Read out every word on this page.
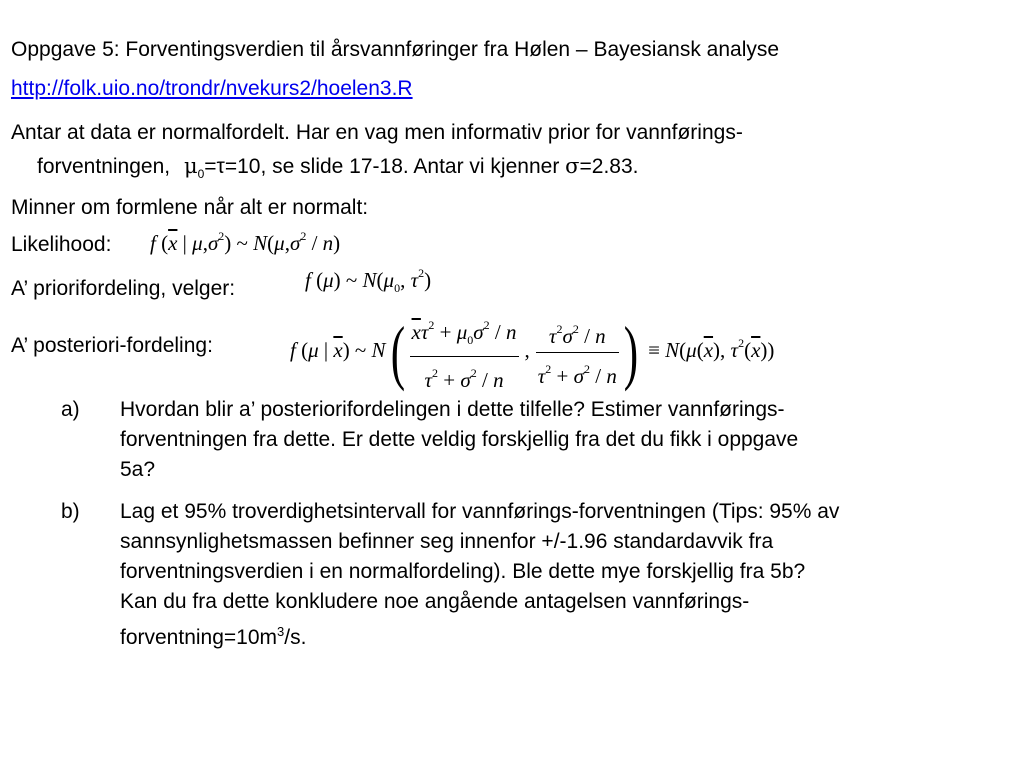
Oppgave 5: Forventingsverdien til årsvannføringer fra Hølen – Bayesiansk analyse
http://folk.uio.no/trondr/nvekurs2/hoelen3.R
Antar at data er normalfordelt. Har en vag men informativ prior for vannførings-
forventningen, $\mu_0=\tau=10$, se slide 17-18. Antar vi kjenner σ=2.83.
Minner om formlene når alt er normalt:
Likelihood: f ($\overline{x}$ | $\mu,\sigma^2$) ~ $N(\mu,\sigma^2 / n)$
A’ priorifordeling, velger:	f (μ) ~ $N(\mu_0$, $\tau^2$)
A’ posteriori-fordeling:	f (μ | $\overline{x}$) ~ $N( \frac{\overline{x}\tau^2 + \mu_0\sigma^2 / n}{\tau^2 + \sigma^2 / n}$ , $\frac{\tau^2\sigma^2 / n}{\tau^2 + \sigma^2 / n}$ ) ≡ $N(\mu(\overline{x})$, $\tau^2(\overline{x})$)
a)	Hvordan blir a’ posteriorifordelingen i dette tilfelle? Estimer vannførings-
forventningen fra dette. Er dette veldig forskjellig fra det du fikk i oppgave
5a?
b)	Lag et 95% troverdighetsintervall for vannførings-forventningen (Tips: 95% av
sannsynlighetsmassen befinner seg innenfor +/-1.96 standardavvik fra
forventningsverdien i en normalfordeling). Ble dette mye forskjellig fra 5b?
Kan du fra dette konkludere noe angående antagelsen vannførings-
$forventning=10m^3/s$.
